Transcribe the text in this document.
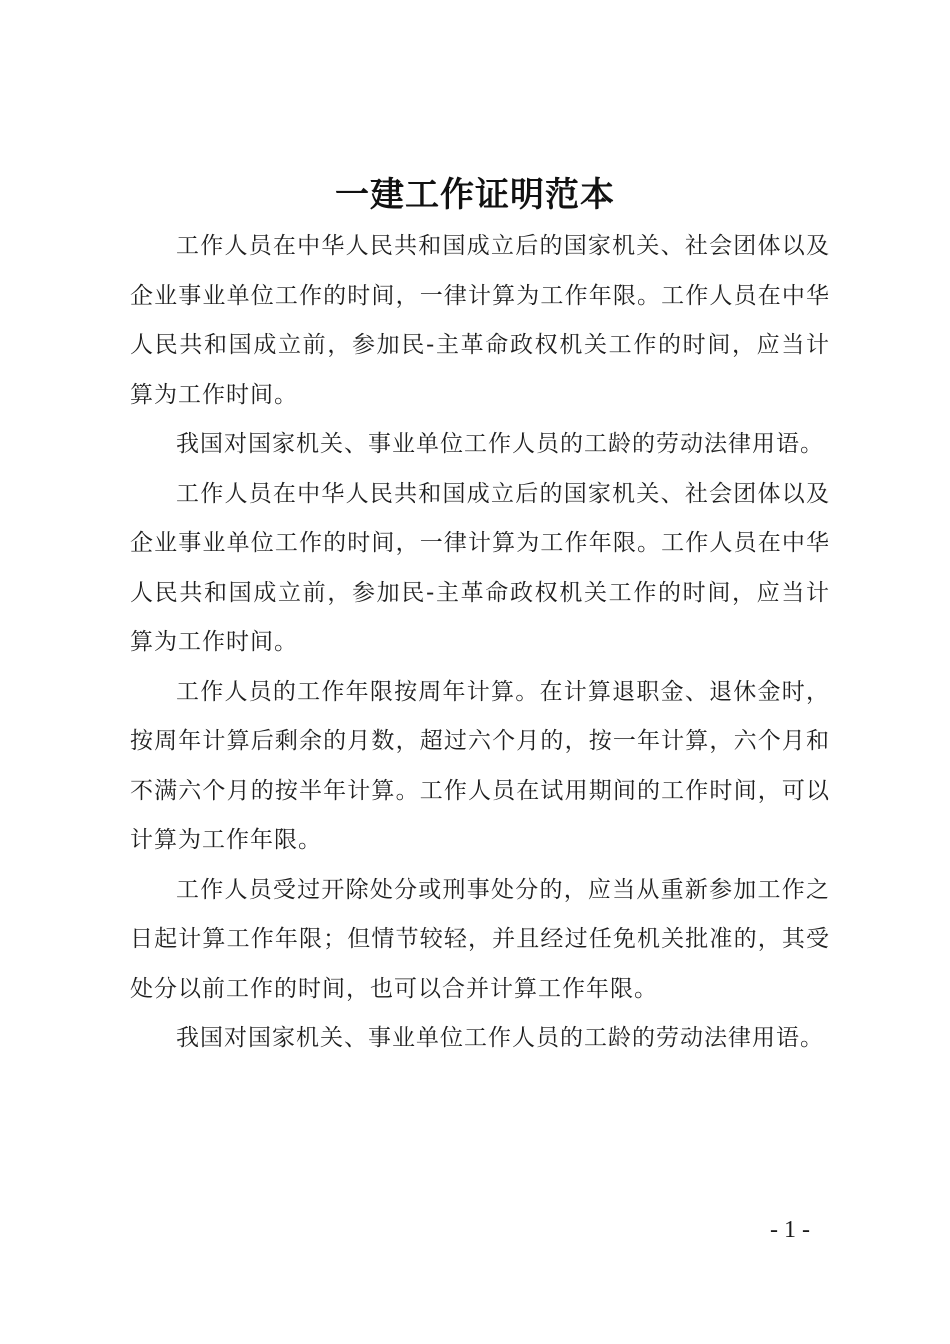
一建工作证明范本

工作人员在中华人民共和国成立后的国家机关、社会团体以及企业事业单位工作的时间，一律计算为工作年限。工作人员在中华人民共和国成立前，参加民-主革命政权机关工作的时间，应当计算为工作时间。

我国对国家机关、事业单位工作人员的工龄的劳动法律用语。

工作人员在中华人民共和国成立后的国家机关、社会团体以及企业事业单位工作的时间，一律计算为工作年限。工作人员在中华人民共和国成立前，参加民-主革命政权机关工作的时间，应当计算为工作时间。

工作人员的工作年限按周年计算。在计算退职金、退休金时，按周年计算后剩余的月数，超过六个月的，按一年计算，六个月和不满六个月的按半年计算。工作人员在试用期间的工作时间，可以计算为工作年限。

工作人员受过开除处分或刑事处分的，应当从重新参加工作之日起计算工作年限；但情节较轻，并且经过任免机关批准的，其受处分以前工作的时间，也可以合并计算工作年限。

我国对国家机关、事业单位工作人员的工龄的劳动法律用语。

- 1 -
